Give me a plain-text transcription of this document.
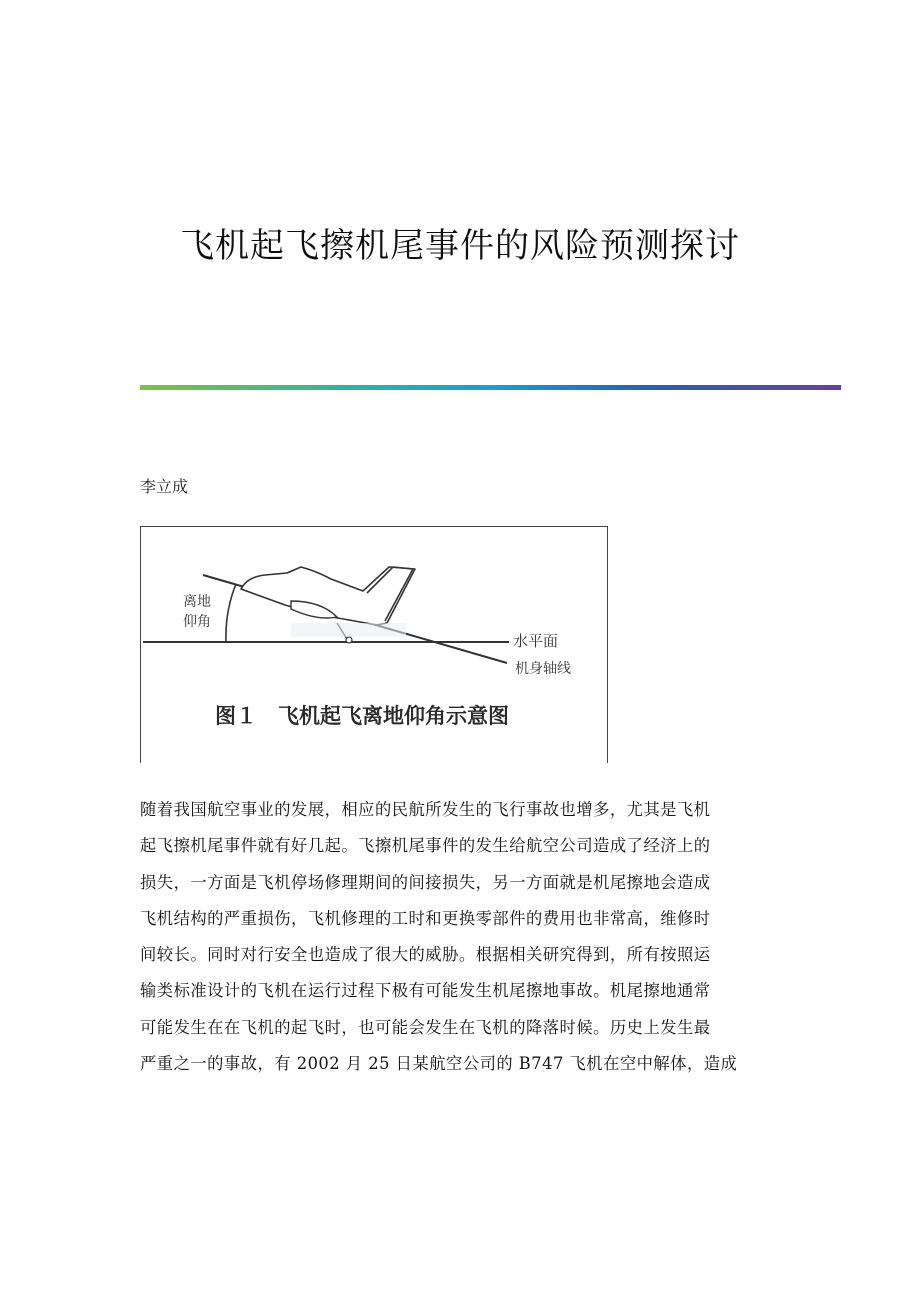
飞机起飞擦机尾事件的风险预测探讨
李立成
离地
仰角
水平面
机身轴线
图１　飞机起飞离地仰角示意图
随着我国航空事业的发展，相应的民航所发生的飞行事故也增多，尤其是飞机
起飞擦机尾事件就有好几起。飞擦机尾事件的发生给航空公司造成了经济上的
损失，一方面是飞机停场修理期间的间接损失，另一方面就是机尾擦地会造成
飞机结构的严重损伤，飞机修理的工时和更换零部件的费用也非常高，维修时
间较长。同时对行安全也造成了很大的威胁。根据相关研究得到，所有按照运
输类标准设计的飞机在运行过程下极有可能发生机尾擦地事故。机尾擦地通常
可能发生在在飞机的起飞时，也可能会发生在飞机的降落时候。历史上发生最
严重之一的事故，有 2002 月 25 日某航空公司的 B747 飞机在空中解体，造成
